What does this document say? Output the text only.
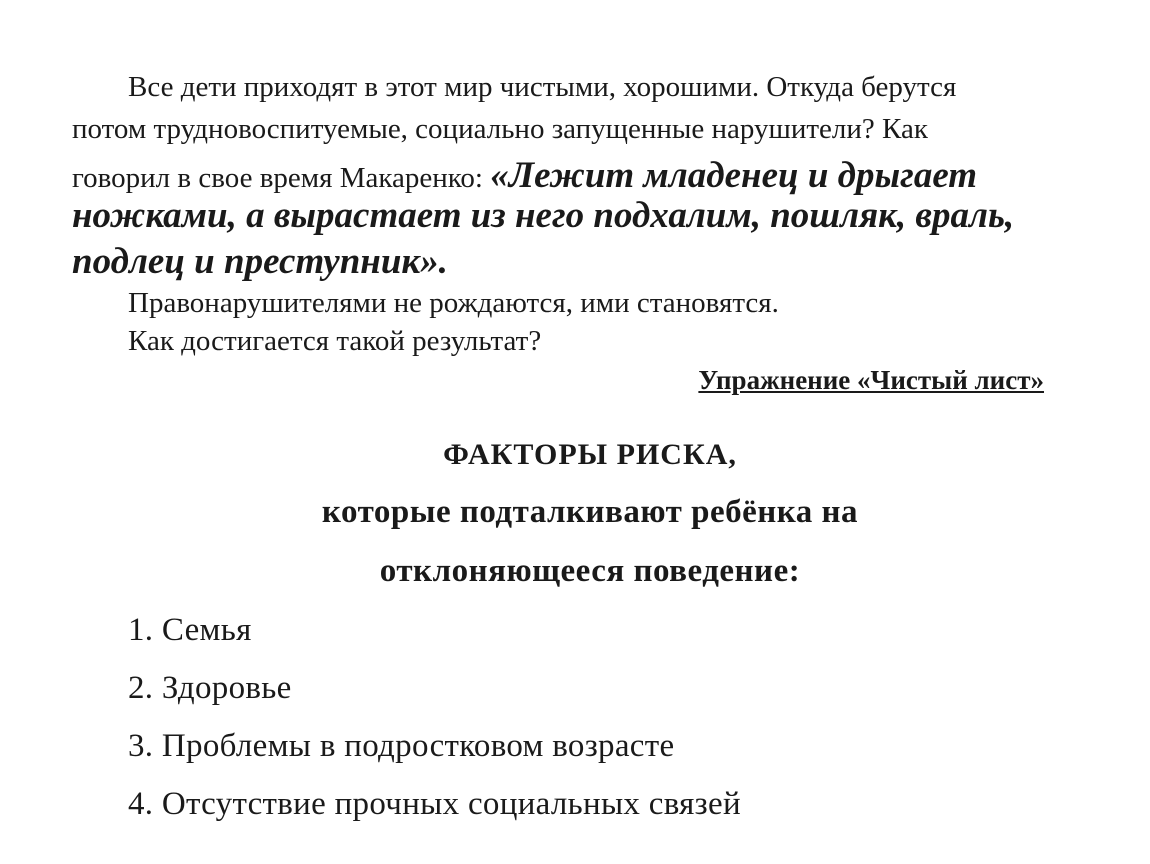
Все дети приходят в этот мир чистыми, хорошими. Откуда берутся
потом трудновоспитуемые, социально запущенные нарушители? Как
говорил в свое время Макаренко: «Лежит младенец и дрыгает
ножками, а вырастает из него подхалим, пошляк, враль,
подлец и преступник».
Правонарушителями не рождаются, ими становятся.
Как достигается такой результат?
Упражнение «Чистый лист»
ФАКТОРЫ РИСКА,
которые подталкивают ребёнка на
отклоняющееся поведение:
1. Семья
2. Здоровье
3. Проблемы в подростковом возрасте
4. Отсутствие прочных социальных связей
